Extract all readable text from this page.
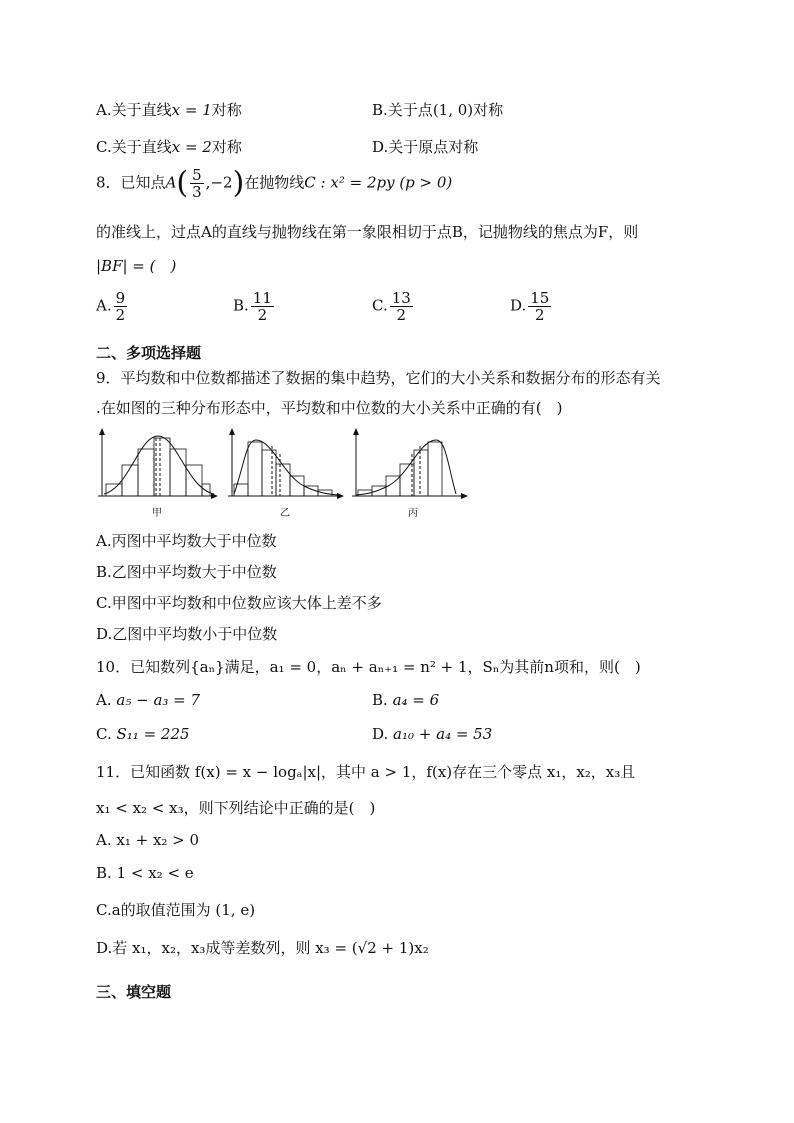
A.关于直线x = 1对称	B.关于点(1, 0)对称
C.关于直线x = 2对称	D.关于原点对称
8．已知点$A( \frac{5}{3} ,-2)$在抛物线C : x² = 2py (p > 0)
的准线上，过点A的直线与抛物线在第一象限相切于点B，记抛物线的焦点为F，则
|BF| = (　)
A. $\frac{9}{2}$	B. $\frac{11}{2}$	C. $\frac{13}{2}$	D. $\frac{15}{2}$
二、多项选择题
9．平均数和中位数都描述了数据的集中趋势，它们的大小关系和数据分布的形态有关
.在如图的三种分布形态中，平均数和中位数的大小关系中正确的有(　)
甲	乙	丙
A.丙图中平均数大于中位数
B.乙图中平均数大于中位数
C.甲图中平均数和中位数应该大体上差不多
D.乙图中平均数小于中位数
10．已知数列{aₙ}满足，a₁ = 0，aₙ + aₙ₊₁ = n² + 1，Sₙ为其前n项和，则(　)
A. a₅ − a₃ = 7	B. a₄ = 6
C. S₁₁ = 225	D. a₁₀ + a₄ = 53
11．已知函数 f(x) = x − logₐ|x|，其中 a > 1，f(x)存在三个零点 x₁，x₂，x₃且
x₁ < x₂ < x₃，则下列结论中正确的是(　)
A. x₁ + x₂ > 0
B. 1 < x₂ < e
C.a的取值范围为 (1, e)
D.若 x₁，x₂，x₃成等差数列，则 x₃ = (√2 + 1)x₂
三、填空题
